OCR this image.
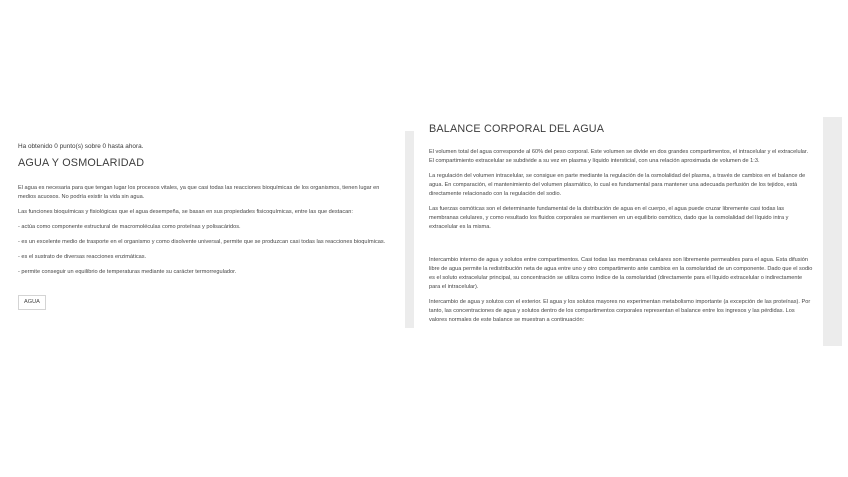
Ha obtenido 0 punto(s) sobre 0 hasta ahora.

AGUA Y OSMOLARIDAD

El agua es necesaria para que tengan lugar los procesos vitales, ya que casi todas las reacciones bioquímicas de los organismos, tienen lugar en medios acuosos. No podría existir la vida sin agua.

Las funciones bioquímicas y fisiológicas que el agua desempeña, se basan en sus propiedades fisicoquímicas, entre las que destacan:

- actúa como componente estructural de macromoléculas como proteínas y polisacáridos.

- es un excelente medio de trasporte en el organismo y como disolvente universal, permite que se produzcan casi todas las reacciones bioquímicas.

- es el sustrato de diversas reacciones enzimáticas.

- permite conseguir un equilibrio de temperaturas mediante su carácter termorregulador.

AGUA
BALANCE CORPORAL DEL AGUA

El volumen total del agua corresponde al 60% del peso corporal. Este volumen se divide en dos grandes compartimentos, el intracelular y el extracelular. El compartimiento extracelular se subdivide a su vez en plasma y líquido intersticial, con una relación aproximada de volumen de 1:3.

La regulación del volumen intracelular, se consigue en parte mediante la regulación de la osmolalidad del plasma, a través de cambios en el balance de agua. En comparación, el mantenimiento del volumen plasmático, lo cual es fundamental para mantener una adecuada perfusión de los tejidos, está directamente relacionado con la regulación del sodio.

Las fuerzas osmóticas son el determinante fundamental de la distribución de agua en el cuerpo, el agua puede cruzar libremente casi todas las membranas celulares, y como resultado los fluidos corporales se mantienen en un equilibrio osmótico, dado que la osmolalidad del líquido intra y extracelular es la misma.

Intercambio interno de agua y solutos entre compartimentos. Casi todas las membranas celulares son libremente permeables para el agua. Esta difusión libre de agua permite la redistribución neta de agua entre uno y otro compartimento ante cambios en la osmolaridad de un componente. Dado que el sodio es el soluto extracelular principal, su concentración se utiliza como índice de la osmolaridad (directamente para el líquido extracelular o indirectamente para el intracelular).

Intercambio de agua y solutos con el exterior. El agua y los solutos mayores no experimentan metabolismo importante (a excepción de las proteínas). Por tanto, las concentraciones de agua y solutos dentro de los compartimentos corporales representan el balance entre los ingresos y las pérdidas. Los valores normales de este balance se muestran a continuación:
